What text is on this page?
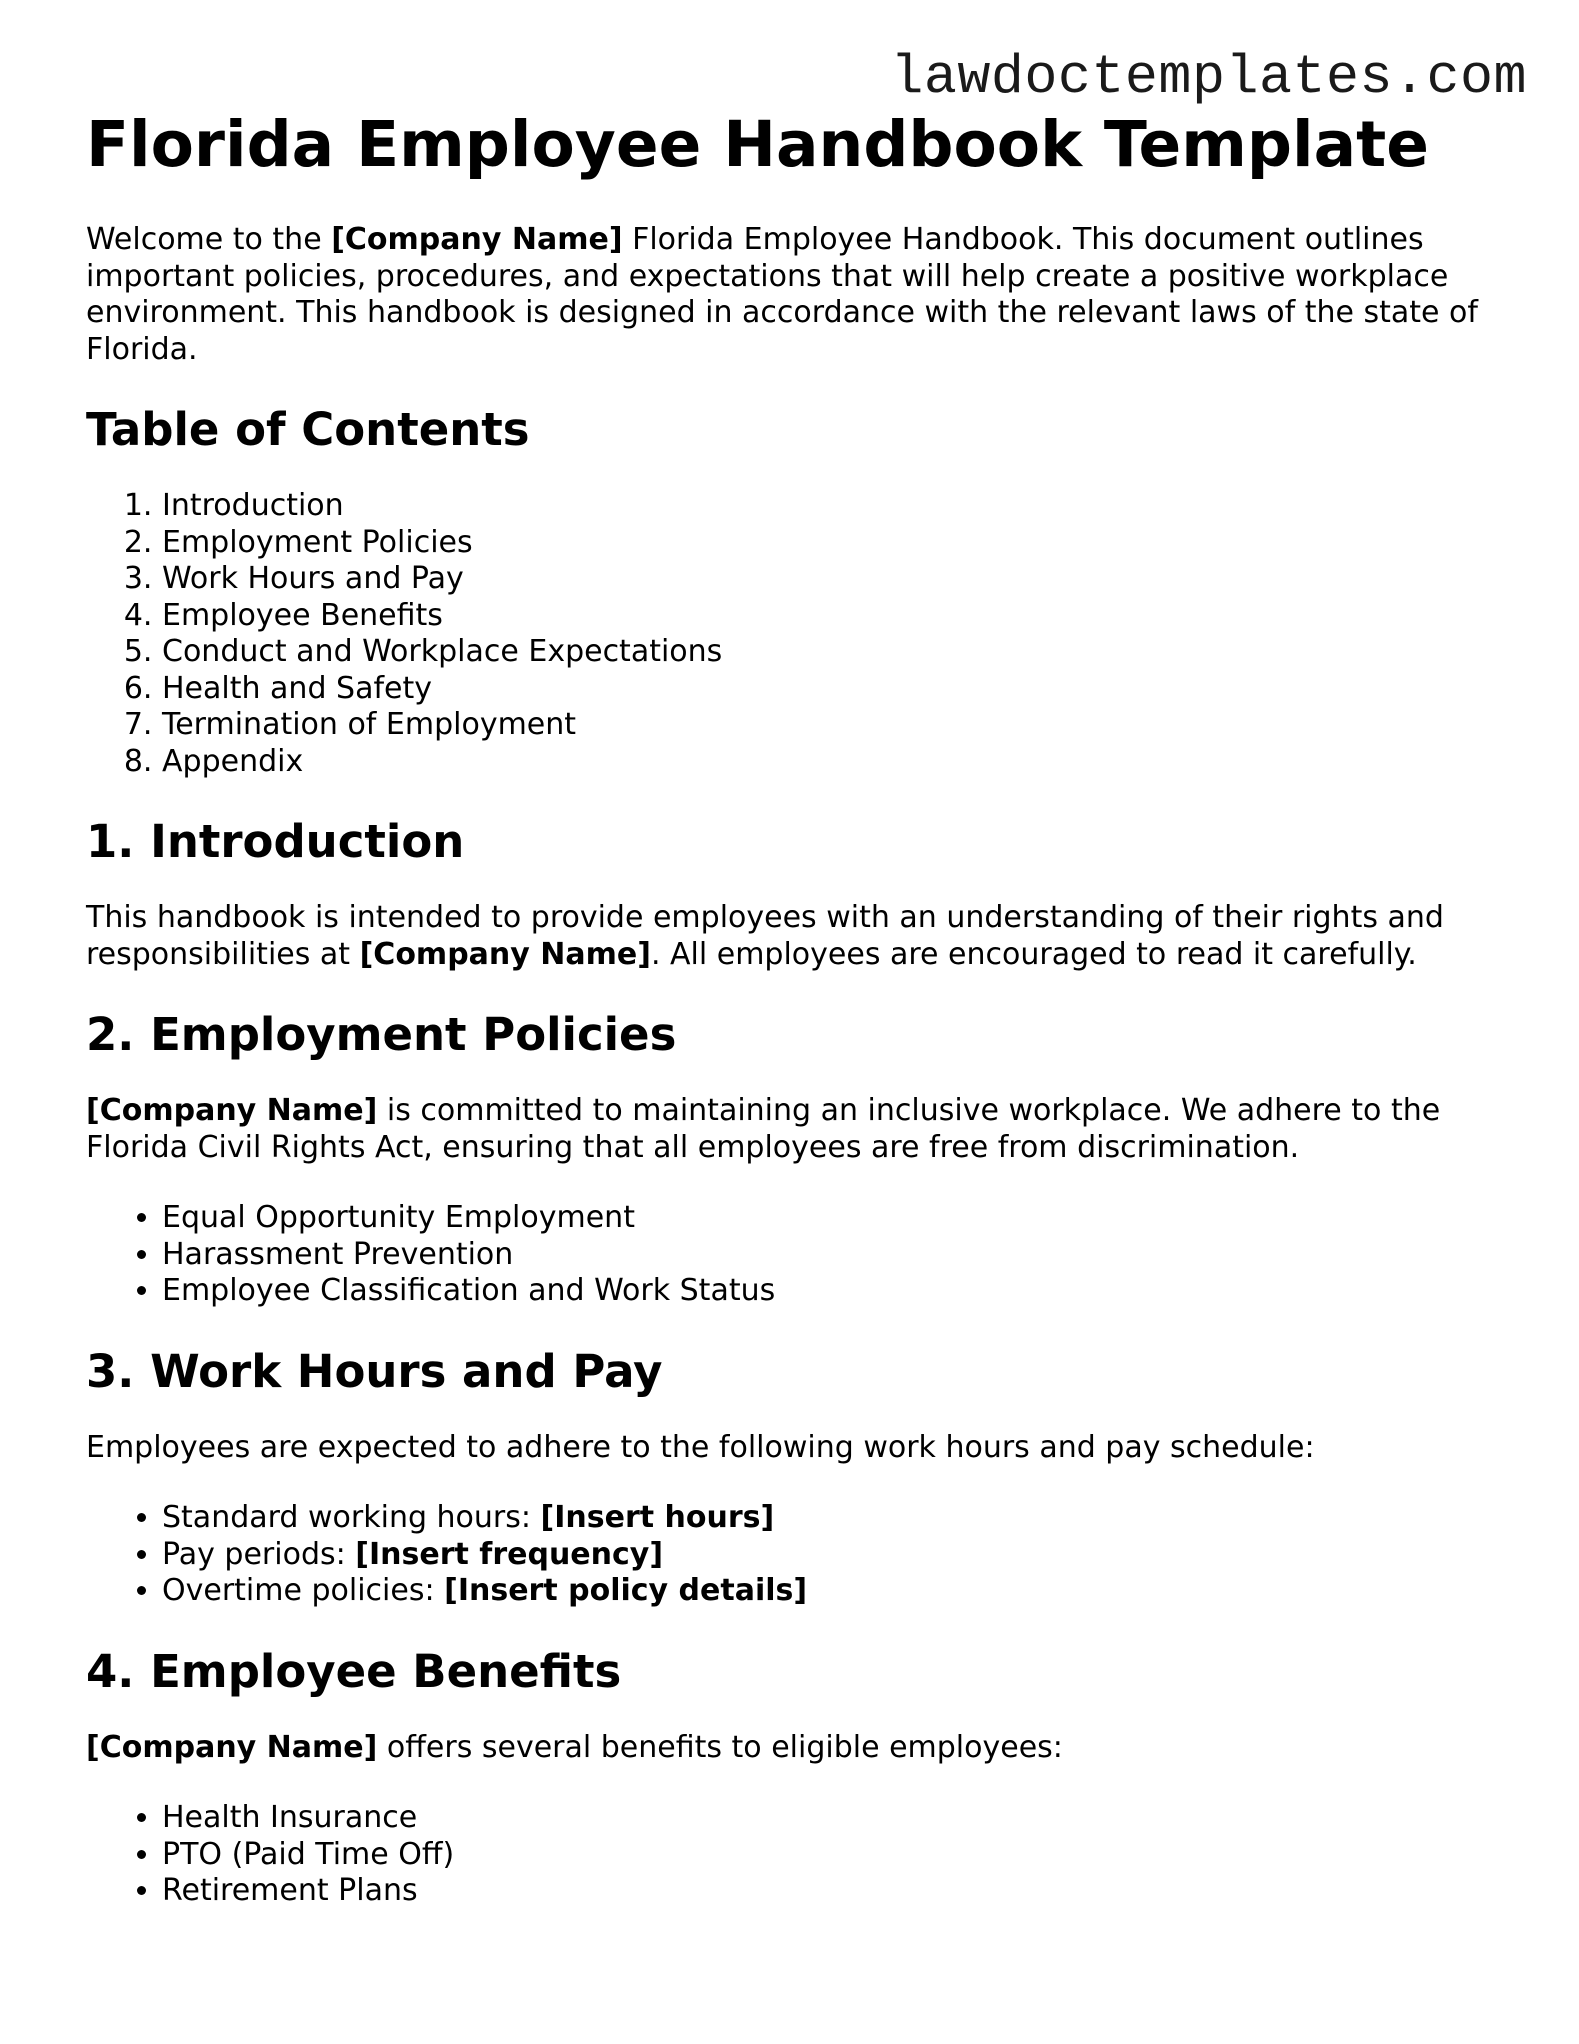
lawdoctemplates.com
Florida Employee Handbook Template

Welcome to the [Company Name] Florida Employee Handbook. This document outlines important policies, procedures, and expectations that will help create a positive workplace environment. This handbook is designed in accordance with the relevant laws of the state of Florida.

Table of Contents
1. Introduction
2. Employment Policies
3. Work Hours and Pay
4. Employee Benefits
5. Conduct and Workplace Expectations
6. Health and Safety
7. Termination of Employment
8. Appendix
1. Introduction

This handbook is intended to provide employees with an understanding of their rights and responsibilities at [Company Name]. All employees are encouraged to read it carefully.

2. Employment Policies

[Company Name] is committed to maintaining an inclusive workplace. We adhere to the Florida Civil Rights Act, ensuring that all employees are free from discrimination.

• Equal Opportunity Employment
• Harassment Prevention
• Employee Classification and Work Status
3. Work Hours and Pay

Employees are expected to adhere to the following work hours and pay schedule:

• Standard working hours: [Insert hours]
• Pay periods: [Insert frequency]
• Overtime policies: [Insert policy details]
4. Employee Benefits

[Company Name] offers several benefits to eligible employees:

• Health Insurance
• PTO (Paid Time Off)
• Retirement Plans
